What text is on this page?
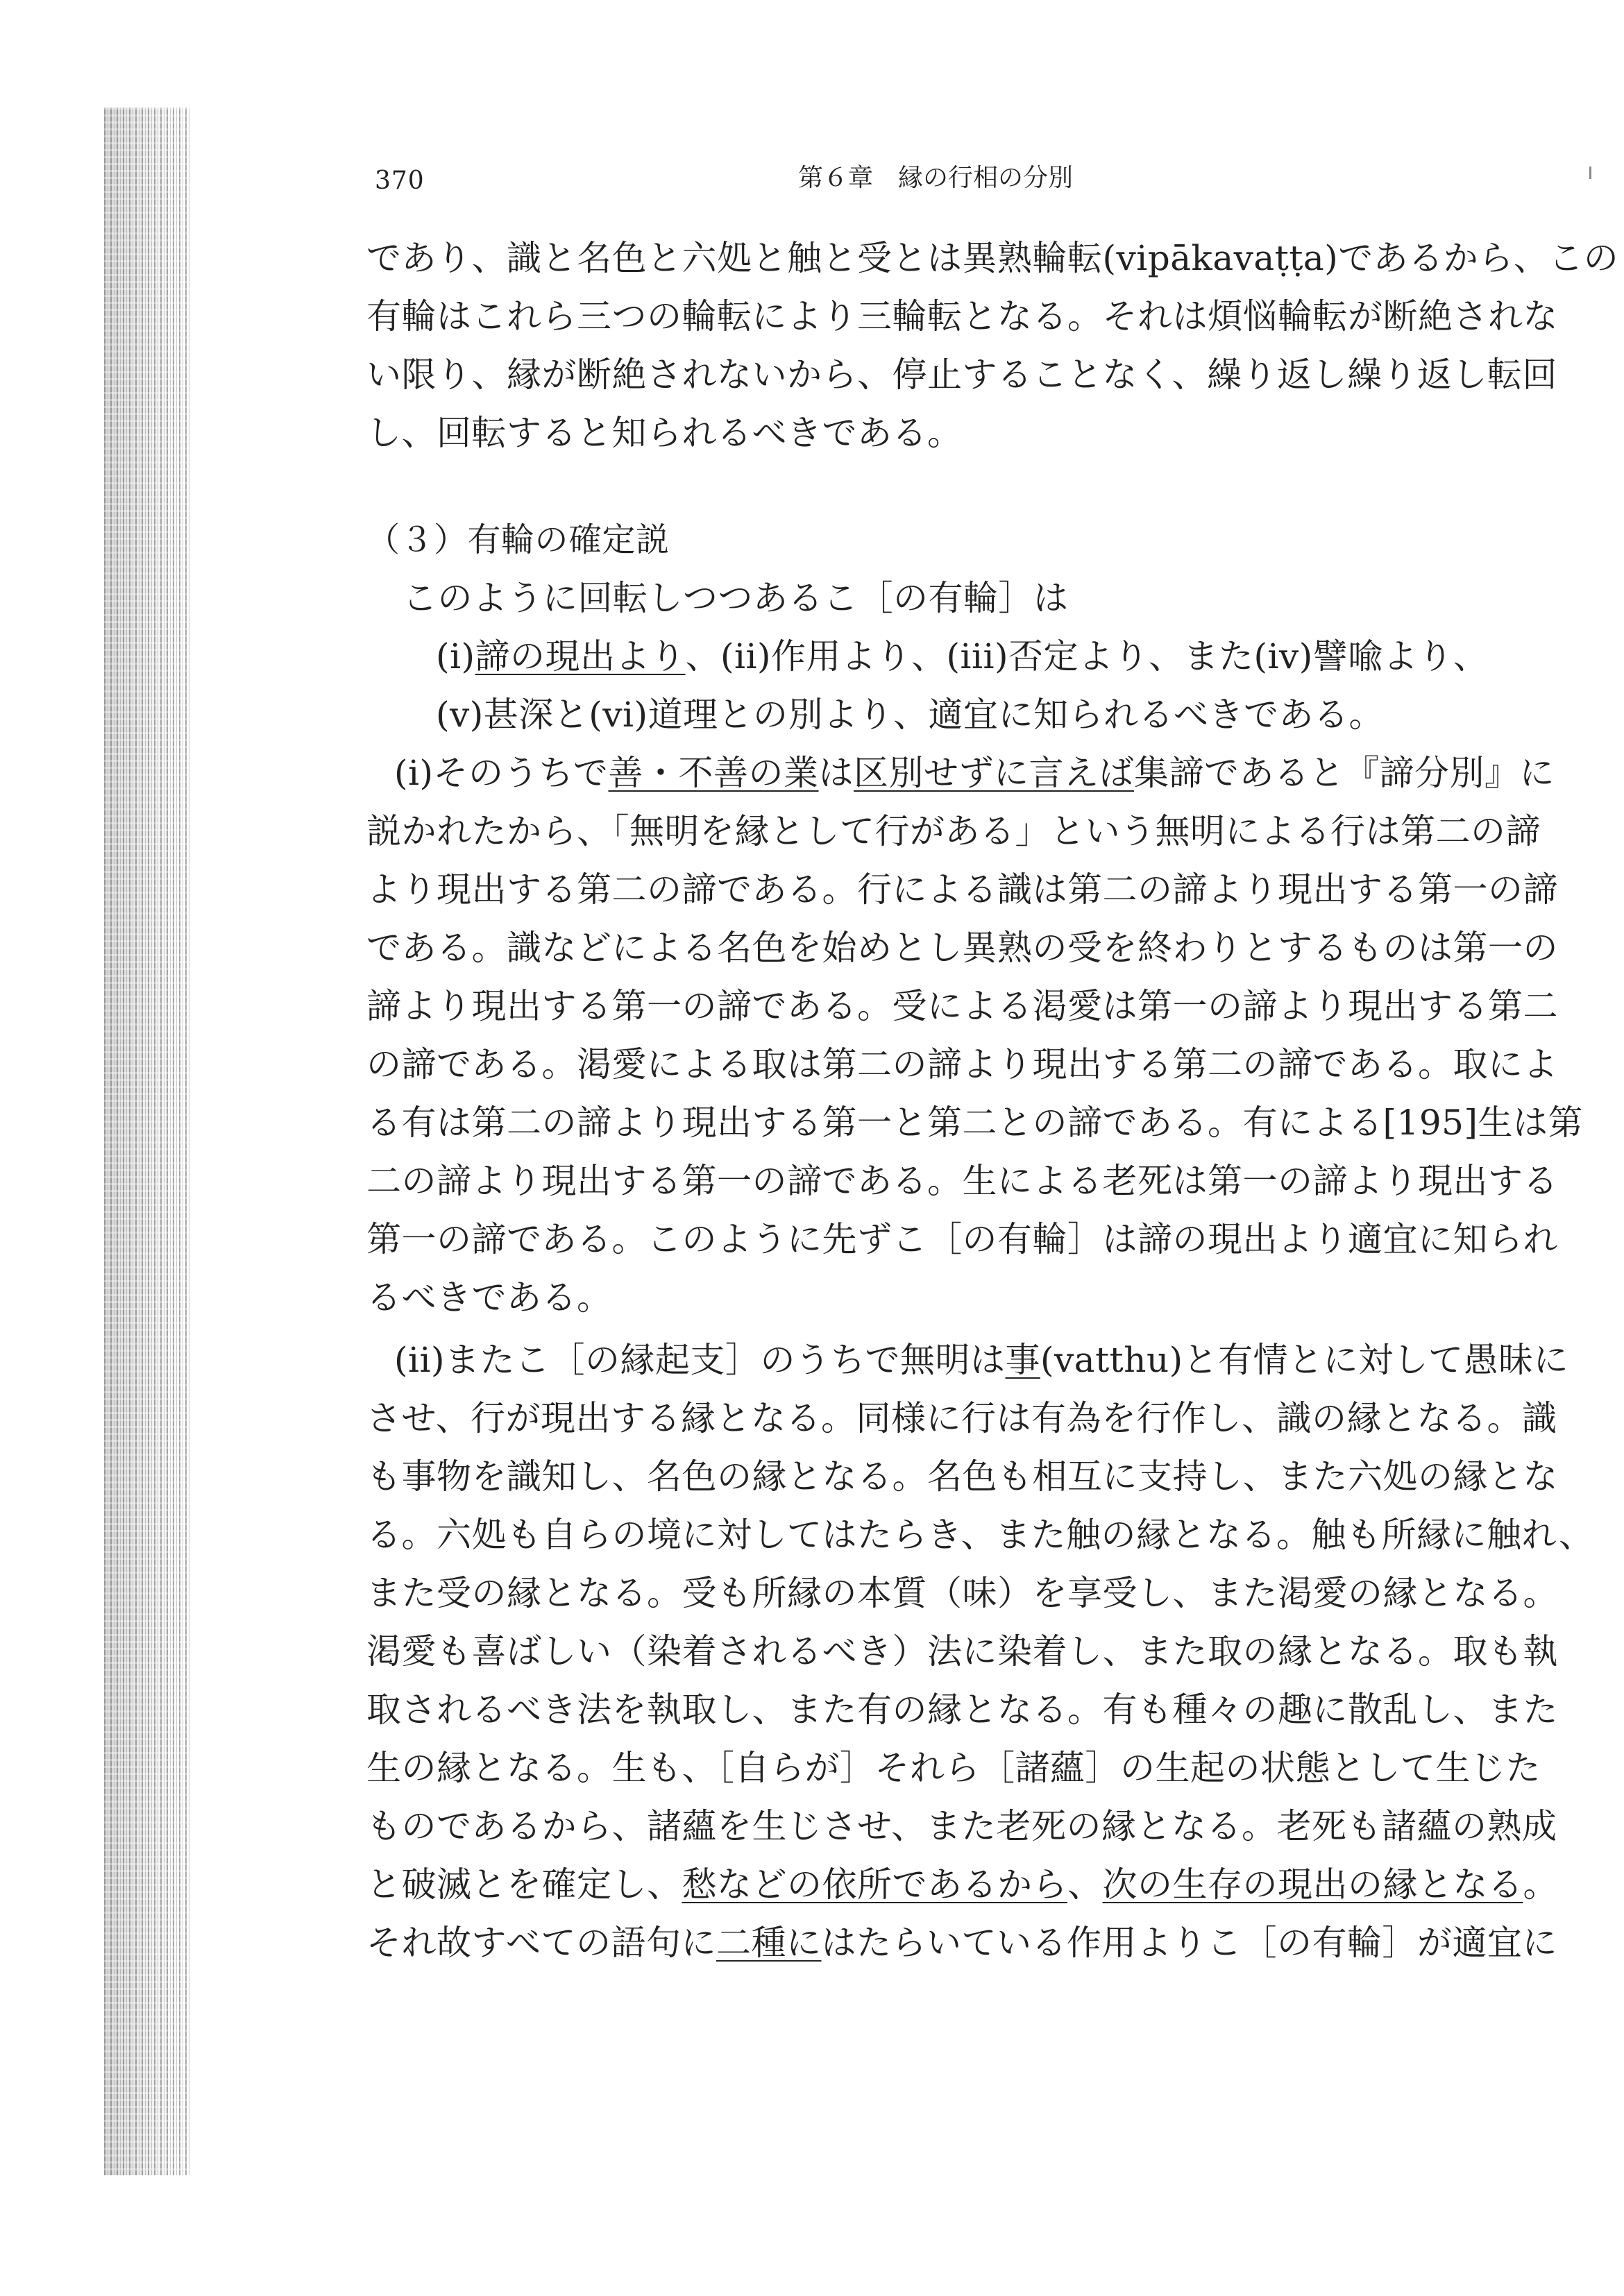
370	第６章　縁の行相の分別
であり、識と名色と六処と触と受とは異熟輪転(vipākavaṭṭa)であるから、この
有輪はこれら三つの輪転により三輪転となる。それは煩悩輪転が断絶されな
い限り、縁が断絶されないから、停止することなく、繰り返し繰り返し転回
し、回転すると知られるべきである。
（３）有輪の確定説
このように回転しつつあるこ［の有輪］は
(i)諦の現出より、(ii)作用より、(iii)否定より、また(iv)譬喩より、
(v)甚深と(vi)道理との別より、適宜に知られるべきである。
(i)そのうちで善・不善の業は区別せずに言えば集諦であると『諦分別』に
説かれたから、「無明を縁として行がある」という無明による行は第二の諦
より現出する第二の諦である。行による識は第二の諦より現出する第一の諦
である。識などによる名色を始めとし異熟の受を終わりとするものは第一の
諦より現出する第一の諦である。受による渇愛は第一の諦より現出する第二
の諦である。渇愛による取は第二の諦より現出する第二の諦である。取によ
る有は第二の諦より現出する第一と第二との諦である。有による[195]生は第
二の諦より現出する第一の諦である。生による老死は第一の諦より現出する
第一の諦である。このように先ずこ［の有輪］は諦の現出より適宜に知られ
るべきである。
(ii)またこ［の縁起支］のうちで無明は事(vatthu)と有情とに対して愚昧に
させ、行が現出する縁となる。同様に行は有為を行作し、識の縁となる。識
も事物を識知し、名色の縁となる。名色も相互に支持し、また六処の縁とな
る。六処も自らの境に対してはたらき、また触の縁となる。触も所縁に触れ、
また受の縁となる。受も所縁の本質（味）を享受し、また渇愛の縁となる。
渇愛も喜ばしい（染着されるべき）法に染着し、また取の縁となる。取も執
取されるべき法を執取し、また有の縁となる。有も種々の趣に散乱し、また
生の縁となる。生も、［自らが］それら［諸蘊］の生起の状態として生じた
ものであるから、諸蘊を生じさせ、また老死の縁となる。老死も諸蘊の熟成
と破滅とを確定し、愁などの依所であるから、次の生存の現出の縁となる。
それ故すべての語句に二種にはたらいている作用よりこ［の有輪］が適宜に
